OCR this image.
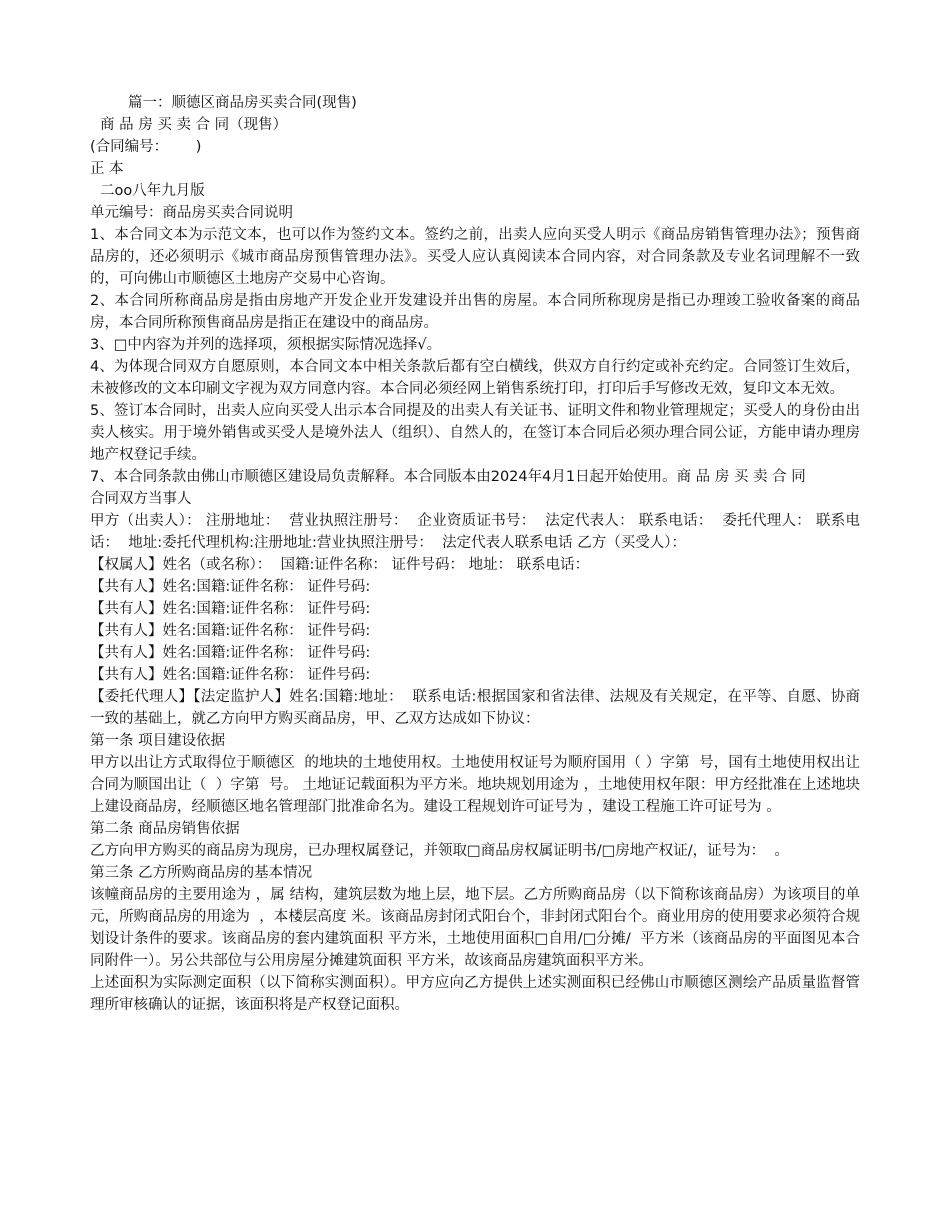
篇一：顺德区商品房买卖合同(现售)

商 品 房 买 卖 合 同（现售）

(合同编号：      )

正 本

二oo八年九月版

单元编号：商品房买卖合同说明

1、本合同文本为示范文本，也可以作为签约文本。签约之前，出卖人应向买受人明示《商品房销售管理办法》；预售商品房的，还必须明示《城市商品房预售管理办法》。买受人应认真阅读本合同内容，对合同条款及专业名词理解不一致的，可向佛山市顺德区土地房产交易中心咨询。

2、本合同所称商品房是指由房地产开发企业开发建设并出售的房屋。本合同所称现房是指已办理竣工验收备案的商品房，本合同所称预售商品房是指正在建设中的商品房。

3、□中内容为并列的选择项，须根据实际情况选择√。

4、为体现合同双方自愿原则，本合同文本中相关条款后都有空白横线，供双方自行约定或补充约定。合同签订生效后，未被修改的文本印刷文字视为双方同意内容。本合同必须经网上销售系统打印，打印后手写修改无效，复印文本无效。

5、签订本合同时，出卖人应向买受人出示本合同提及的出卖人有关证书、证明文件和物业管理规定；买受人的身份由出卖人核实。用于境外销售或买受人是境外法人（组织）、自然人的，在签订本合同后必须办理合同公证，方能申请办理房地产权登记手续。

7、本合同条款由佛山市顺德区建设局负责解释。本合同版本由2024年4月1日起开始使用。商 品 房 买 卖 合 同

合同双方当事人

甲方（出卖人）： 注册地址：  营业执照注册号：  企业资质证书号：  法定代表人： 联系电话：  委托代理人： 联系电话：  地址:委托代理机构:注册地址:营业执照注册号：  法定代表人联系电话 乙方（买受人）：

【权属人】姓名（或名称）：  国籍:证件名称： 证件号码： 地址： 联系电话：

【共有人】姓名:国籍:证件名称： 证件号码:

【共有人】姓名:国籍:证件名称： 证件号码:

【共有人】姓名:国籍:证件名称： 证件号码:

【共有人】姓名:国籍:证件名称： 证件号码:

【共有人】姓名:国籍:证件名称： 证件号码:

【委托代理人】【法定监护人】姓名:国籍:地址：  联系电话:根据国家和省法律、法规及有关规定，在平等、自愿、协商一致的基础上，就乙方向甲方购买商品房，甲、乙双方达成如下协议：

第一条 项目建设依据

甲方以出让方式取得位于顺德区  的地块的土地使用权。土地使用权证号为顺府国用（ ）字第  号，国有土地使用权出让合同为顺国出让（  ）字第  号。 土地证记载面积为平方米。地块规划用途为 ，土地使用权年限：甲方经批准在上述地块上建设商品房，经顺德区地名管理部门批准命名为。建设工程规划许可证号为 ，建设工程施工许可证号为 。

第二条 商品房销售依据

乙方向甲方购买的商品房为现房，已办理权属登记，并领取□商品房权属证明书/□房地产权证/，证号为：  。

第三条 乙方所购商品房的基本情况

该幢商品房的主要用途为 ，属 结构，建筑层数为地上层，地下层。乙方所购商品房（以下简称该商品房）为该项目的单元，所购商品房的用途为  ，本楼层高度 米。该商品房封闭式阳台个，非封闭式阳台个。商业用房的使用要求必须符合规划设计条件的要求。该商品房的套内建筑面积 平方米，土地使用面积□自用/□分摊/  平方米（该商品房的平面图见本合同附件一）。另公共部位与公用房屋分摊建筑面积 平方米，故该商品房建筑面积平方米。

上述面积为实际测定面积（以下简称实测面积）。甲方应向乙方提供上述实测面积已经佛山市顺德区测绘产品质量监督管理所审核确认的证据，该面积将是产权登记面积。
